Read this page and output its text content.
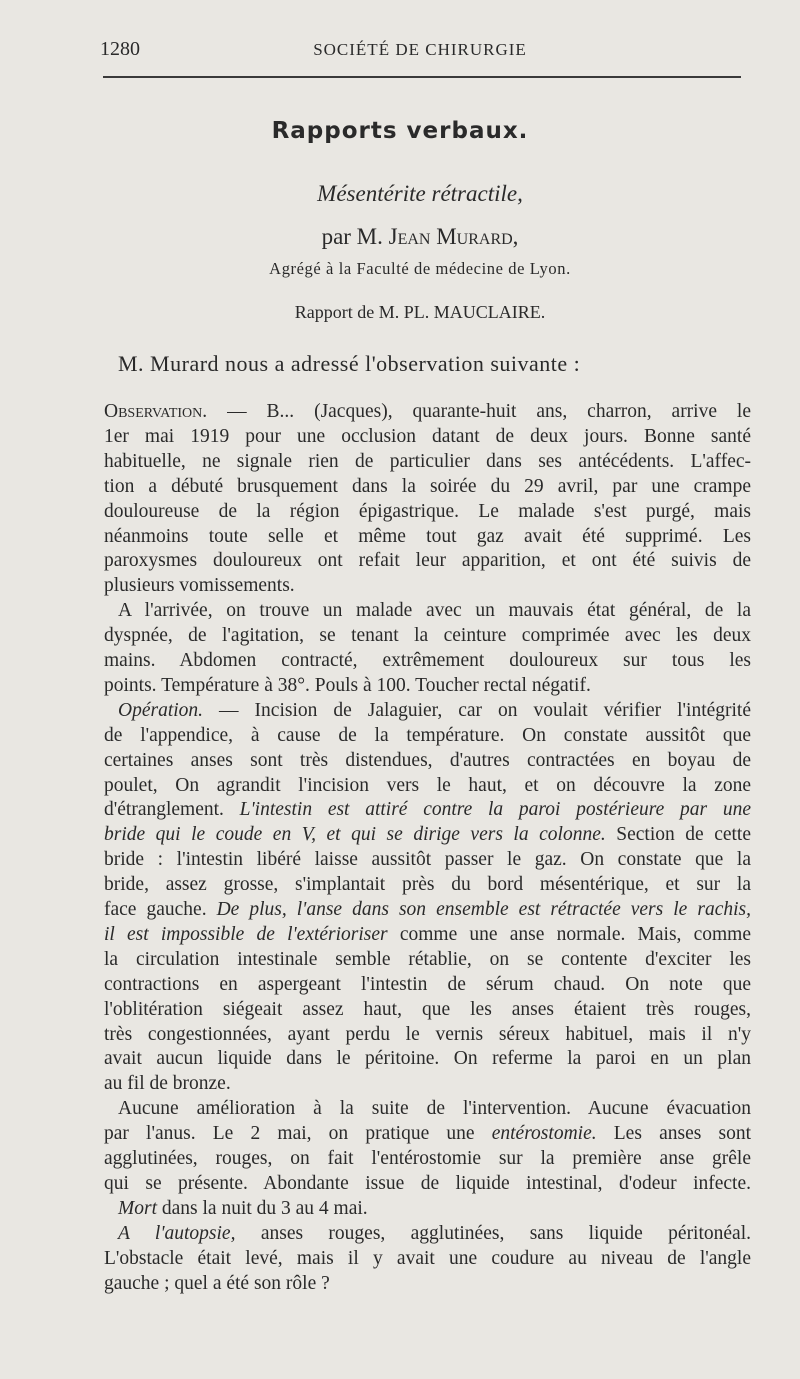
1280	SOCIÉTÉ DE CHIRURGIE
Rapports verbaux.
Mésentérite rétractile,
par M. Jean Murard,
Agrégé à la Faculté de médecine de Lyon.
Rapport de M. PL. MAUCLAIRE.
M. Murard nous a adressé l'observation suivante :
Observation. — B... (Jacques), quarante-huit ans, charron, arrive le
1er mai 1919 pour une occlusion datant de deux jours. Bonne santé
habituelle, ne signale rien de particulier dans ses antécédents. L'affec-
tion a débuté brusquement dans la soirée du 29 avril, par une crampe
douloureuse de la région épigastrique. Le malade s'est purgé, mais
néanmoins toute selle et même tout gaz avait été supprimé. Les
paroxysmes douloureux ont refait leur apparition, et ont été suivis de
plusieurs vomissements.
A l'arrivée, on trouve un malade avec un mauvais état général, de la
dyspnée, de l'agitation, se tenant la ceinture comprimée avec les deux
mains. Abdomen contracté, extrêmement douloureux sur tous les
points. Température à 38°. Pouls à 100. Toucher rectal négatif.
Opération. — Incision de Jalaguier, car on voulait vérifier l'intégrité
de l'appendice, à cause de la température. On constate aussitôt que
certaines anses sont très distendues, d'autres contractées en boyau de
poulet, On agrandit l'incision vers le haut, et on découvre la zone
d'étranglement. L'intestin est attiré contre la paroi postérieure par une
bride qui le coude en V, et qui se dirige vers la colonne. Section de cette
bride : l'intestin libéré laisse aussitôt passer le gaz. On constate que la
bride, assez grosse, s'implantait près du bord mésentérique, et sur la
face gauche. De plus, l'anse dans son ensemble est rétractée vers le rachis,
il est impossible de l'extérioriser comme une anse normale. Mais, comme
la circulation intestinale semble rétablie, on se contente d'exciter les
contractions en aspergeant l'intestin de sérum chaud. On note que
l'oblitération siégeait assez haut, que les anses étaient très rouges,
très congestionnées, ayant perdu le vernis séreux habituel, mais il n'y
avait aucun liquide dans le péritoine. On referme la paroi en un plan
au fil de bronze.
Aucune amélioration à la suite de l'intervention. Aucune évacuation
par l'anus. Le 2 mai, on pratique une entérostomie. Les anses sont
agglutinées, rouges, on fait l'entérostomie sur la première anse grêle
qui se présente. Abondante issue de liquide intestinal, d'odeur infecte.
Mort dans la nuit du 3 au 4 mai.
A l'autopsie, anses rouges, agglutinées, sans liquide péritonéal.
L'obstacle était levé, mais il y avait une coudure au niveau de l'angle
gauche ; quel a été son rôle ?
